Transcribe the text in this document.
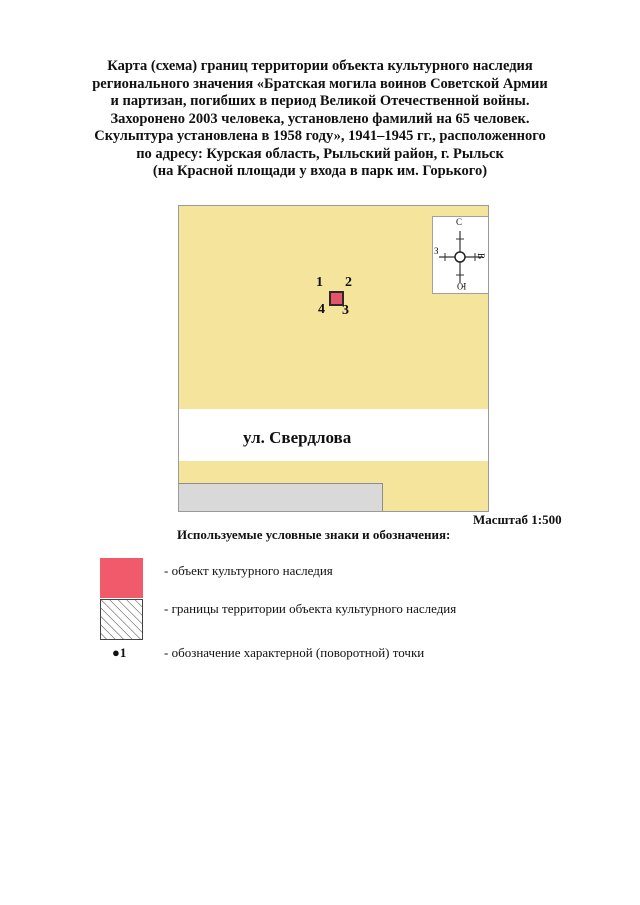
Карта (схема) границ территории объекта культурного наследия
регионального значения «Братская могила воинов Советской Армии
и партизан, погибших в период Великой Отечественной войны.
Захоронено 2003 человека, установлено фамилий на 65 человек.
Скульптура установлена в 1958 году», 1941–1945 гг., расположенного
по адресу: Курская область, Рыльский район, г. Рыльск
(на Красной площади у входа в парк им. Горького)
ул. Свердлова
С
Ю
З	В
1 2
3
4
Масштаб 1:500
Используемые условные знаки и обозначения:
- объект культурного наследия
- границы территории объекта культурного наследия
●1	- обозначение характерной (поворотной) точки
